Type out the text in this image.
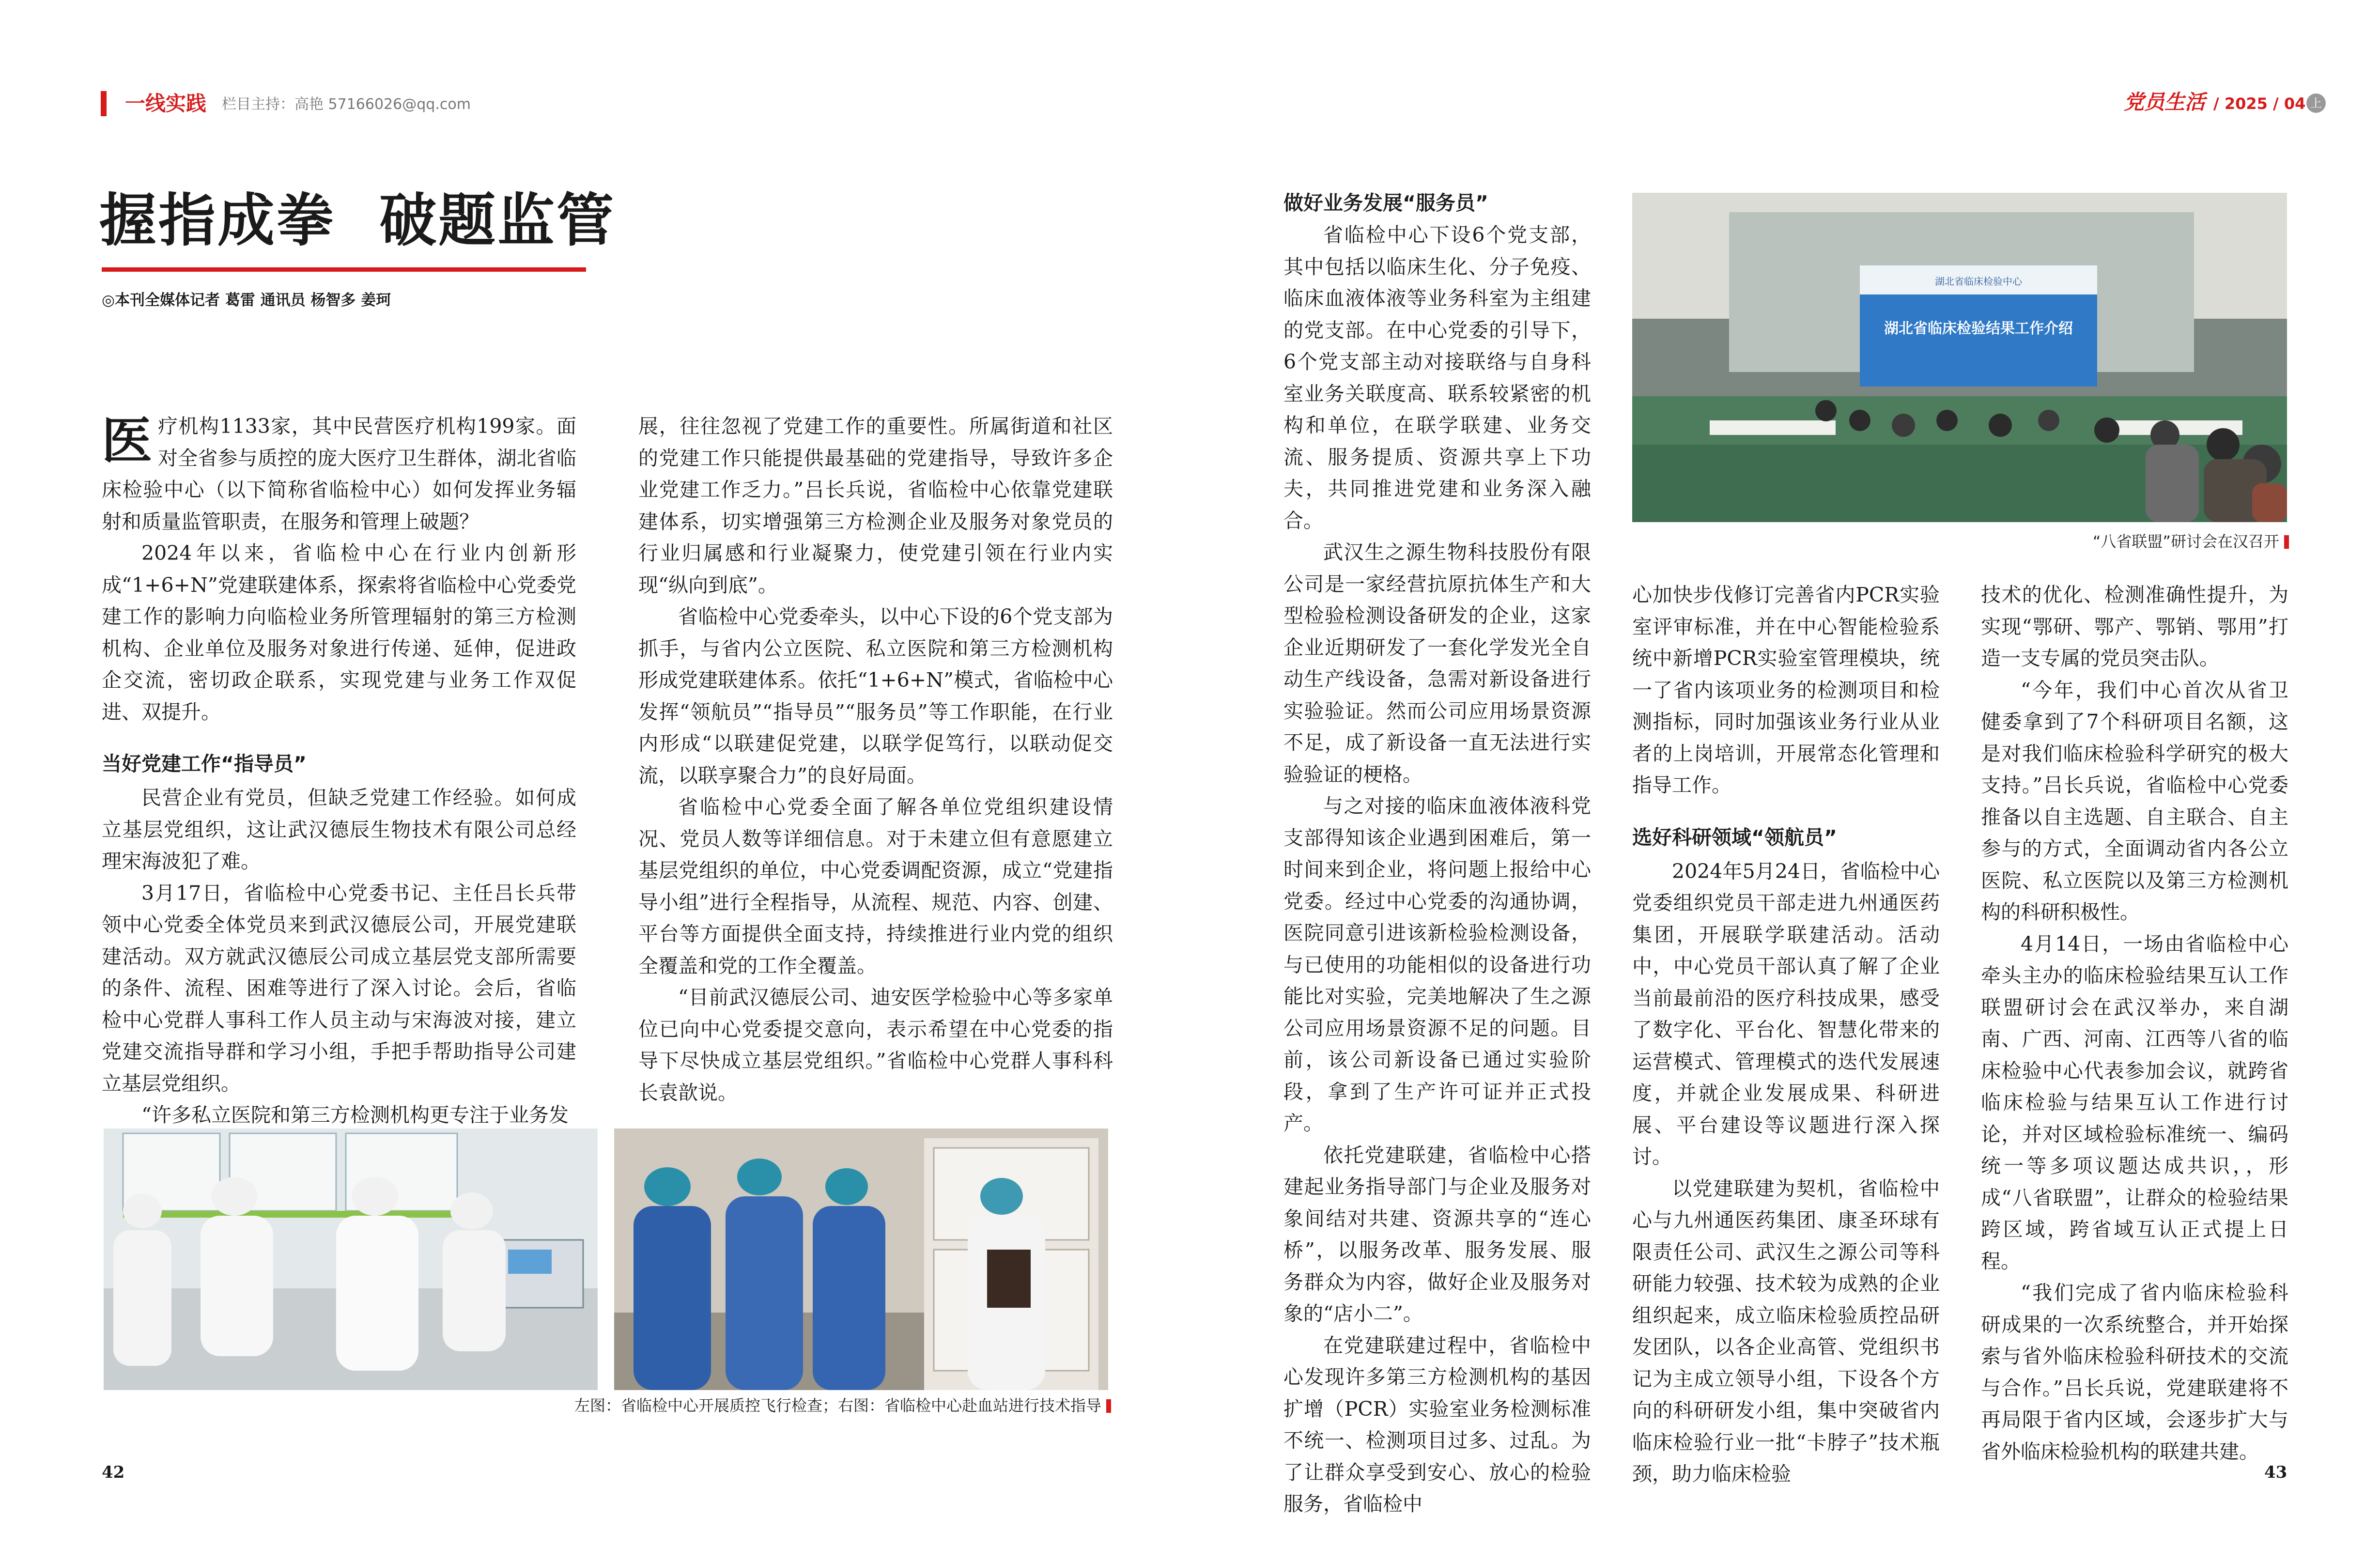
一线实践 栏目主持：高艳 57166026@qq.com	党员生活 / 2025 / 04 上
握指成拳  破题监管
◎本刊全媒体记者 葛雷 通讯员 杨智多 姜珂
医 疗机构1133家，其中民营医疗机构199家。面对全省参与质控的庞大医疗卫生群体，湖北省临床检验中心（以下简称省临检中心）如何发挥业务辐射和质量监管职责，在服务和管理上破题？

2024年以来，省临检中心在行业内创新形成“1+6+N”党建联建体系，探索将省临检中心党委党建工作的影响力向临检业务所管理辐射的第三方检测机构、企业单位及服务对象进行传递、延伸，促进政企交流，密切政企联系，实现党建与业务工作双促进、双提升。

当好党建工作“指导员”

民营企业有党员，但缺乏党建工作经验。如何成立基层党组织，这让武汉德辰生物技术有限公司总经理宋海波犯了难。

3月17日，省临检中心党委书记、主任吕长兵带领中心党委全体党员来到武汉德辰公司，开展党建联建活动。双方就武汉德辰公司成立基层党支部所需要的条件、流程、困难等进行了深入讨论。会后，省临检中心党群人事科工作人员主动与宋海波对接，建立党建交流指导群和学习小组，手把手帮助指导公司建立基层党组织。

“许多私立医院和第三方检测机构更专注于业务发

展，往往忽视了党建工作的重要性。所属街道和社区的党建工作只能提供最基础的党建指导，导致许多企业党建工作乏力。”吕长兵说，省临检中心依靠党建联建体系，切实增强第三方检测企业及服务对象党员的行业归属感和行业凝聚力，使党建引领在行业内实现“纵向到底”。

省临检中心党委牵头，以中心下设的6个党支部为抓手，与省内公立医院、私立医院和第三方检测机构形成党建联建体系。依托“1+6+N”模式，省临检中心发挥“领航员”“指导员”“服务员”等工作职能，在行业内形成“以联建促党建，以联学促笃行，以联动促交流，以联享聚合力”的良好局面。

省临检中心党委全面了解各单位党组织建设情况、党员人数等详细信息。对于未建立但有意愿建立基层党组织的单位，中心党委调配资源，成立“党建指导小组”进行全程指导，从流程、规范、内容、创建、平台等方面提供全面支持，持续推进行业内党的组织全覆盖和党的工作全覆盖。

“目前武汉德辰公司、迪安医学检验中心等多家单位已向中心党委提交意向，表示希望在中心党委的指导下尽快成立基层党组织。”省临检中心党群人事科科长袁歆说。

左图：省临检中心开展质控飞行检查；右图：省临检中心赴血站进行技术指导
做好业务发展“服务员”

省临检中心下设6个党支部，其中包括以临床生化、分子免疫、临床血液体液等业务科室为主组建的党支部。在中心党委的引导下，6个党支部主动对接联络与自身科室业务关联度高、联系较紧密的机构和单位，在联学联建、业务交流、服务提质、资源共享上下功夫，共同推进党建和业务深入融合。

武汉生之源生物科技股份有限公司是一家经营抗原抗体生产和大型检验检测设备研发的企业，这家企业近期研发了一套化学发光全自动生产线设备，急需对新设备进行实验验证。然而公司应用场景资源不足，成了新设备一直无法进行实验验证的梗格。

与之对接的临床血液体液科党支部得知该企业遇到困难后，第一时间来到企业，将问题上报给中心党委。经过中心党委的沟通协调，医院同意引进该新检验检测设备，与已使用的功能相似的设备进行功能比对实验，完美地解决了生之源公司应用场景资源不足的问题。目前，该公司新设备已通过实验阶段，拿到了生产许可证并正式投产。

依托党建联建，省临检中心搭建起业务指导部门与企业及服务对象间结对共建、资源共享的“连心桥”，以服务改革、服务发展、服务群众为内容，做好企业及服务对象的“店小二”。

在党建联建过程中，省临检中心发现许多第三方检测机构的基因扩增（PCR）实验室业务检测标准不统一、检测项目过多、过乱。为了让群众享受到安心、放心的检验服务，省临检中

湖北省临床检验中心
湖北省临床检验结果工作介绍
“八省联盟”研讨会在汉召开

心加快步伐修订完善省内PCR实验室评审标准，并在中心智能检验系统中新增PCR实验室管理模块，统一了省内该项业务的检测项目和检测指标，同时加强该业务行业从业者的上岗培训，开展常态化管理和指导工作。

选好科研领域“领航员”

2024年5月24日，省临检中心党委组织党员干部走进九州通医药集团，开展联学联建活动。活动中，中心党员干部认真了解了企业当前最前沿的医疗科技成果，感受了数字化、平台化、智慧化带来的运营模式、管理模式的迭代发展速度，并就企业发展成果、科研进展、平台建设等议题进行深入探讨。

以党建联建为契机，省临检中心与九州通医药集团、康圣环球有限责任公司、武汉生之源公司等科研能力较强、技术较为成熟的企业组织起来，成立临床检验质控品研发团队，以各企业高管、党组织书记为主成立领导小组，下设各个方向的科研研发小组，集中突破省内临床检验行业一批“卡脖子”技术瓶颈，助力临床检验

技术的优化、检测准确性提升，为实现“鄂研、鄂产、鄂销、鄂用”打造一支专属的党员突击队。

“今年，我们中心首次从省卫健委拿到了7个科研项目名额，这是对我们临床检验科学研究的极大支持。”吕长兵说，省临检中心党委推备以自主选题、自主联合、自主参与的方式，全面调动省内各公立医院、私立医院以及第三方检测机构的科研积极性。

4月14日，一场由省临检中心牵头主办的临床检验结果互认工作联盟研讨会在武汉举办，来自湖南、广西、河南、江西等八省的临床检验中心代表参加会议，就跨省临床检验与结果互认工作进行讨论，并对区域检验标准统一、编码统一等多项议题达成共识，，形成“八省联盟”，让群众的检验结果跨区域，跨省域互认正式提上日程。

“我们完成了省内临床检验科研成果的一次系统整合，并开始探索与省外临床检验科研技术的交流与合作。”吕长兵说，党建联建将不再局限于省内区域，会逐步扩大与省外临床检验机构的联建共建。

42	43
